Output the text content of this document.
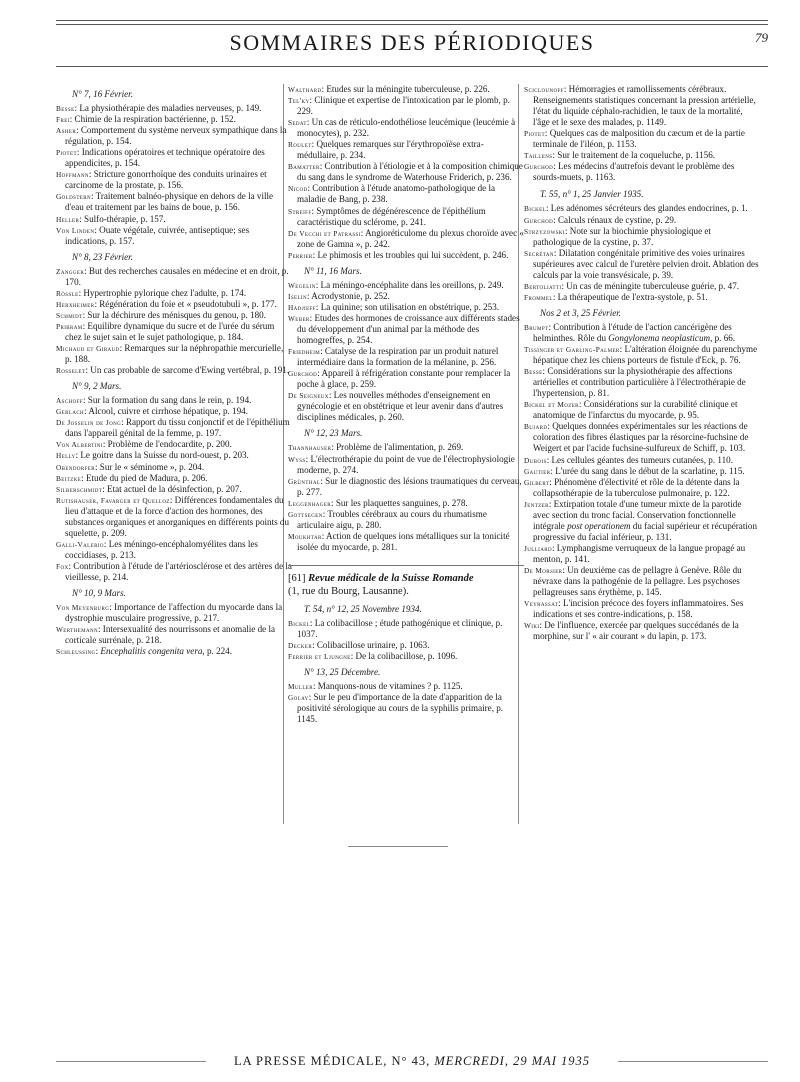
SOMMAIRES DES PÉRIODIQUES	79
N° 7, 16 Février.

Besse: La physiothérapie des maladies nerveuses, p. 149.

Frei: Chimie de la respiration bactérienne, p. 152.

Asher: Comportement du système nerveux sympathique dans la régulation, p. 154.

Piotet: Indications opératoires et technique opératoire des appendicites, p. 154.

Hoffmann: Stricture gonorrhoïque des conduits urinaires et carcinome de la prostate, p. 156.

Goldstern: Traitement balnéo-physique en dehors de la ville d'eau et traitement par les bains de boue, p. 156.

Heller: Sulfo-thérapie, p. 157.

Von Linden: Ouate végétale, cuivrée, antiseptique; ses indications, p. 157.

N° 8, 23 Février.

Zangger: But des recherches causales en médecine et en droit, p. 170.

Rössle: Hypertrophie pylorique chez l'adulte, p. 174.

Herxheimer: Régénération du foie et « pseudotubuli », p. 177.

Schmidt: Sur la déchirure des ménisques du genou, p. 180.

Pribram: Equilibre dynamique du sucre et de l'urée du sérum chez le sujet sain et le sujet pathologique, p. 184.

Michaud et Giraud: Remarques sur la néphropathie mercurielle, p. 188.

Rosselet: Un cas probable de sarcome d'Ewing vertébral, p. 191.

N° 9, 2 Mars.

Aschoff: Sur la formation du sang dans le rein, p. 194.

Gerlach: Alcool, cuivre et cirrhose hépatique, p. 194.

De Josselin de Jong: Rapport du tissu conjonctif et de l'épithélium dans l'appareil génital de la femme, p. 197.

Von Albertini: Problème de l'endocardite, p. 200.

Helly: Le goitre dans la Suisse du nord-ouest, p. 203.

Obendorfer: Sur le « séminome », p. 204.

Beitzke: Etude du pied de Madura, p. 206.

Silberschmidt: Etat actuel de la désinfection, p. 207.

Rutishauser, Favarger et Quelloz: Différences fondamentales du lieu d'attaque et de la force d'action des hormones, des substances organiques et anorganiques en différents points du squelette, p. 209.

Galli-Valerio: Les méningo-encéphalomyélites dans les coccidiases, p. 213.

Fox: Contribution à l'étude de l'artériosclérose et des artères de la vieillesse, p. 214.

N° 10, 9 Mars.

Von Meyenburg: Importance de l'affection du myocarde dans la dystrophie musculaire progressive, p. 217.

Werthemann: Intersexualité des nourrissons et anomalie de la corticale surrénale, p. 218.

Schleussing: Encephalitis congenita vera, p. 224.

Walthard: Etudes sur la méningite tuberculeuse, p. 226.

Tel'ky: Clinique et expertise de l'intoxication par le plomb, p. 229.

Sedat: Un cas de réticulo-endothéliose leucémique (leucémie à monocytes), p. 232.

Roulet: Quelques remarques sur l'érythropoïèse extra-médullaire, p. 234.

Bamatter: Contribution à l'étiologie et à la composition chimique du sang dans le syndrome de Waterhouse Friderich, p. 236.

Nicod: Contribution à l'étude anatomo-pathologique de la maladie de Bang, p. 238.

Streiff: Symptômes de dégénérescence de l'épithélium caractéristique du sclérome, p. 241.

De Vecchi et Patrassi: Angioréticulome du plexus choroïde avec « zone de Gamna », p. 242.

Perrier: Le phimosis et les troubles qui lui succèdent, p. 246.

N° 11, 16 Mars.

Wegelin: La méningo-encéphalite dans les oreillons, p. 249.

Iselin: Acrodystonie, p. 252.

Hadjieff: La quinine; son utilisation en obstétrique, p. 253.

Weber: Etudes des hormones de croissance aux différents stades du développement d'un animal par la méthode des homogreffes, p. 254.

Friedheim: Catalyse de la respiration par un produit naturel intermédiaire dans la formation de la mélanine, p. 256.

Gurchod: Appareil à réfrigération constante pour remplacer la poche à glace, p. 259.

De Seigneux: Les nouvelles méthodes d'enseignement en gynécologie et en obstétrique et leur avenir dans d'autres disciplines médicales, p. 260.

N° 12, 23 Mars.

Thannhauser: Problème de l'alimentation, p. 269.

Wyss: L'électrothérapie du point de vue de l'électrophysiologie moderne, p. 274.

Grünthal: Sur le diagnostic des lésions traumatiques du cerveau, p. 277.

Leggenhager: Sur les plaquettes sanguines, p. 278.

Gottsegen: Troubles cérébraux au cours du rhumatisme articulaire aigu, p. 280.

Moukhtar: Action de quelques ions métalliques sur la tonicité isolée du myocarde, p. 281.

[61] Revue médicale de la Suisse Romande
(1, rue du Bourg, Lausanne).
T. 54, n° 12, 25 Novembre 1934.

Bickel: La colibacillose ; étude pathogénique et clinique, p. 1037.

Decker: Colibacillose urinaire, p. 1063.

Ferrier et Ljungne: De la colibacillose, p. 1096.

N° 13, 25 Décembre.

Muller: Manquons-nous de vitamines ? p. 1125.

Golay: Sur le peu d'importance de la date d'apparition de la positivité sérologique au cours de la syphilis primaire, p. 1145.

Sciclounoff: Hémorragies et ramollissements cérébraux. Renseignements statistiques concernant la pression artérielle, l'état du liquide céphalo-rachidien, le taux de la mortalité, l'âge et le sexe des malades, p. 1149.

Piotet: Quelques cas de malposition du cæcum et de la partie terminale de l'iléon, p. 1153.

Taillens: Sur le traitement de la coqueluche, p. 1156.

Gurchod: Les médecins d'autrefois devant le problème des sourds-muets, p. 1163.

T. 55, n° 1, 25 Janvier 1935.

Bickel: Les adénomes sécréteurs des glandes endocrines, p. 1.

Gurchod: Calculs rénaux de cystine, p. 29.

Strzyzowski: Note sur la biochimie physiologique et pathologique de la cystine, p. 37.

Secrétan: Dilatation congénitale primitive des voies urinaires supérieures avec calcul de l'uretère pelvien droit. Ablation des calculs par la voie transvésicale, p. 39.

Bertoliatti: Un cas de méningite tuberculeuse guérie, p. 47.

Frommel: La thérapeutique de l'extra-systole, p. 51.

Nos 2 et 3, 25 Février.

Brumpt: Contribution à l'étude de l'action cancérigène des helminthes. Rôle du Gongylonema neoplasticum, p. 66.

Tissinger et Garling-Palmer: L'altération éloignée du parenchyme hépatique chez les chiens porteurs de fistule d'Eck, p. 76.

Besse: Considérations sur la physiothérapie des affections artérielles et contribution particulière à l'électrothérapie de l'hypertension, p. 81.

Bickel et Mozer: Considérations sur la curabilité clinique et anatomique de l'infarctus du myocarde, p. 95.

Bujard: Quelques données expérimentales sur les réactions de coloration des fibres élastiques par la résorcine-fuchsine de Weigert et par l'acide fuchsine-sulfureux de Schiff, p. 103.

Dubois: Les cellules géantes des tumeurs cutanées, p. 110.

Gautier: L'urée du sang dans le début de la scarlatine, p. 115.

Gilbert: Phénomène d'électivité et rôle de la détente dans la collapsothérapie de la tuberculose pulmonaire, p. 122.

Jentzer: Extirpation totale d'une tumeur mixte de la parotide avec section du tronc facial. Conservation fonctionnelle intégrale post operationem du facial supérieur et récupération progressive du facial inférieur, p. 131.

Julliard: Lymphangisme verruqueux de la langue propagé au menton, p. 141.

De Morsier: Un deuxième cas de pellagre à Genève. Rôle du névraxe dans la pathogénie de la pellagre. Les psychoses pellagreuses sans érythème, p. 145.

Veyrassat: L'incision précoce des foyers inflammatoires. Ses indications et ses contre-indications, p. 158.

Wiki: De l'influence, exercée par quelques succédanés de la morphine, sur l' « air courant » du lapin, p. 173.

LA PRESSE MÉDICALE, N° 43, MERCREDI, 29 MAI 1935
